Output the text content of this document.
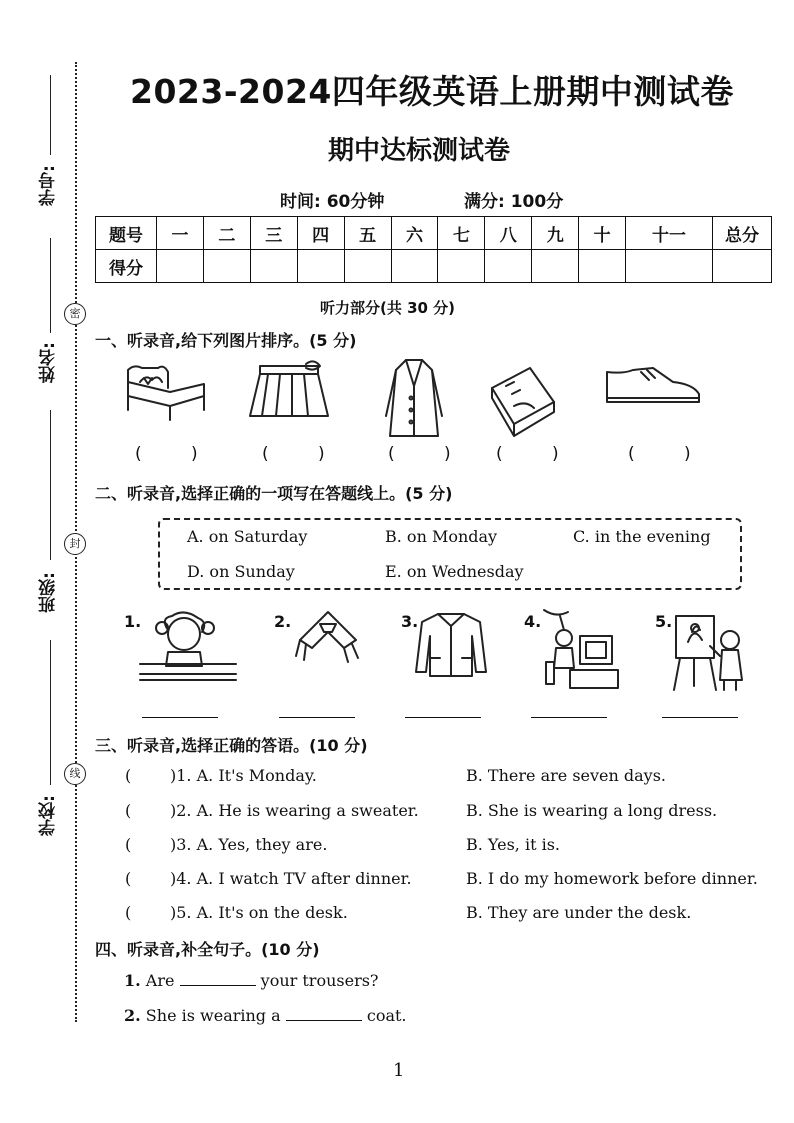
学号:
姓名:
班级:
学校:
密
封
线
2023-2024四年级英语上册期中测试卷
期中达标测试卷
时间: 60分钟	满分: 100分
题号	一	二	三	四	五	六	七	八	九	十	十一	总分
得分												
听力部分(共 30 分)
一、听录音,给下列图片排序。(5 分)
( ) ( ) ( ) ( )	( )
二、听录音,选择正确的一项写在答题线上。(5 分)
A. on Saturday	B. on Monday	C. in the evening
D. on Sunday	E. on Wednesday
1.	2.	3.	4.	5.
三、听录音,选择正确的答语。(10 分)
( )1. A. It's Monday.	B. There are seven days.
( )2. A. He is wearing a sweater.	B. She is wearing a long dress.
( )3. A. Yes, they are.	B. Yes, it is.
( )4. A. I watch TV after dinner.	B. I do my homework before dinner.
( )5. A. It's on the desk.	B. They are under the desk.
四、听录音,补全句子。(10 分)
1. Are	your trousers?
2. She is wearing a	coat.
1
